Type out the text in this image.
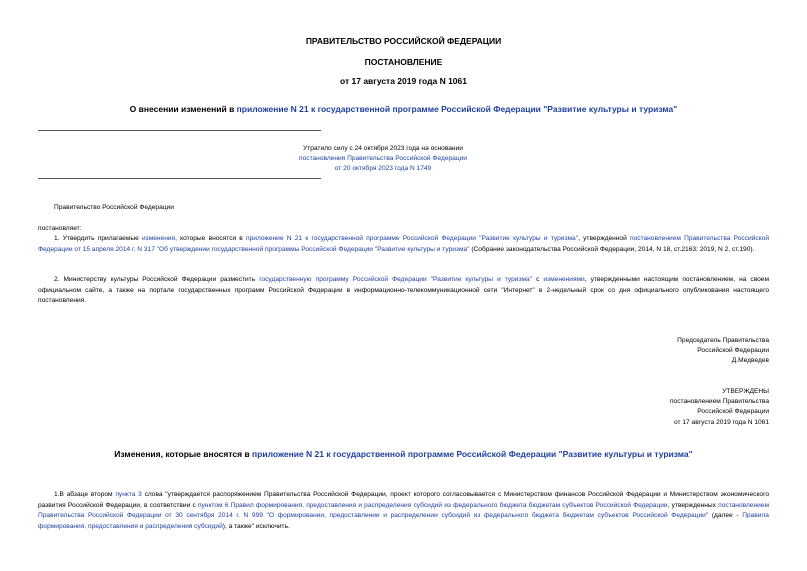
ПРАВИТЕЛЬСТВО РОССИЙСКОЙ ФЕДЕРАЦИИ
ПОСТАНОВЛЕНИЕ
от 17 августа 2019 года N 1061
О внесении изменений в приложение N 21 к государственной программе Российской Федерации "Развитие культуры и туризма"
Утратило силу с 24 октября 2023 года на основании
постановления Правительства Российской Федерации
от 20 октября 2023 года N 1749
Правительство Российской Федерации
постановляет:
1. Утвердить прилагаемые изменения, которые вносятся в приложение N 21 к государственной программе Российской Федерации "Развитие культуры и туризма", утвержденной постановлением Правительства Российской Федерации от 15 апреля 2014 г. N 317 "Об утверждении государственной программы Российской Федерации "Развитие культуры и туризма" (Собрание законодательства Российской Федерации, 2014, N 18, ст.2163; 2019, N 2, ст.190).
2. Министерству культуры Российской Федерации разместить государственную программу Российской Федерации "Развитие культуры и туризма" с изменениями, утвержденными настоящим постановлением, на своем официальном сайте, а также на портале государственных программ Российской Федерации в информационно-телекоммуникационной сети "Интернет" в 2-недельный срок со дня официального опубликования настоящего постановления.
Председатель Правительства
Российской Федерации
Д.Медведев
УТВЕРЖДЕНЫ
постановлением Правительства
Российской Федерации
от 17 августа 2019 года N 1061
Изменения, которые вносятся в приложение N 21 к государственной программе Российской Федерации "Развитие культуры и туризма"
1.В абзаце втором пункта 3 слова "утверждается распоряжением Правительства Российской Федерации, проект которого согласовывается с Министерством финансов Российской Федерации и Министерством экономического развития Российской Федерации, в соответствии с пунктом 6 Правил формирования, предоставления и распределения субсидий из федерального бюджета бюджетам субъектов Российской Федерации, утвержденных постановлением Правительства Российской Федерации от 30 сентября 2014 г. N 999 "О формировании, предоставлении и распределении субсидий из федерального бюджета бюджетам субъектов Российской Федерации" (далее - Правила формирования, предоставления и распределения субсидий), а также" исключить.
